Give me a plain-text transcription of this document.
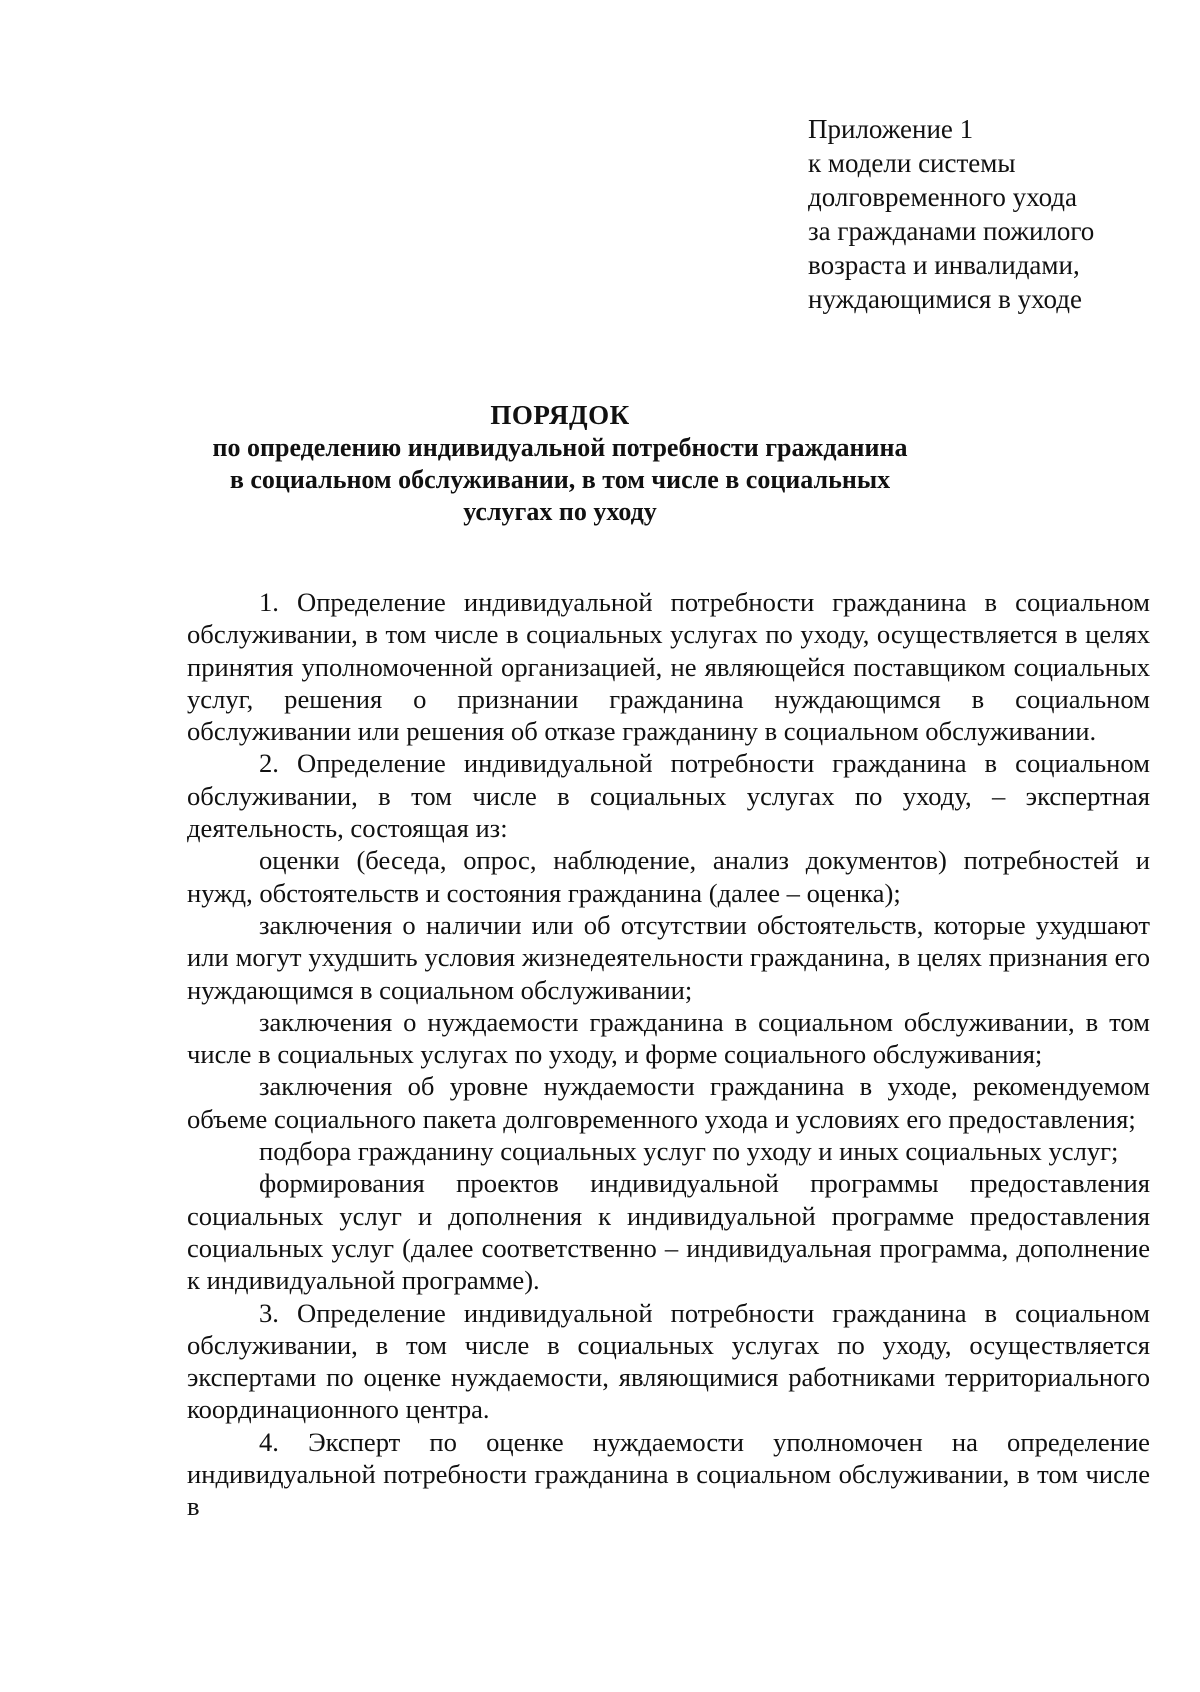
Приложение 1
к модели системы
долговременного ухода
за гражданами пожилого
возраста и инвалидами,
нуждающимися в уходе
ПОРЯДОК
по определению индивидуальной потребности гражданина
в социальном обслуживании, в том числе в социальных
услугах по уходу

1. Определение индивидуальной потребности гражданина в социальном обслуживании, в том числе в социальных услугах по уходу, осуществляется в целях принятия уполномоченной организацией, не являющейся поставщиком социальных услуг, решения о признании гражданина нуждающимся в социальном обслуживании или решения об отказе гражданину в социальном обслуживании.

2. Определение индивидуальной потребности гражданина в социальном обслуживании, в том числе в социальных услугах по уходу, – экспертная деятельность, состоящая из:

оценки (беседа, опрос, наблюдение, анализ документов) потребностей и нужд, обстоятельств и состояния гражданина (далее – оценка);

заключения о наличии или об отсутствии обстоятельств, которые ухудшают или могут ухудшить условия жизнедеятельности гражданина, в целях признания его нуждающимся в социальном обслуживании;

заключения о нуждаемости гражданина в социальном обслуживании, в том числе в социальных услугах по уходу, и форме социального обслуживания;

заключения об уровне нуждаемости гражданина в уходе, рекомендуемом объеме социального пакета долговременного ухода и условиях его предоставления;

подбора гражданину социальных услуг по уходу и иных социальных услуг;

формирования проектов индивидуальной программы предоставления социальных услуг и дополнения к индивидуальной программе предоставления социальных услуг (далее соответственно – индивидуальная программа, дополнение к индивидуальной программе).

3. Определение индивидуальной потребности гражданина в социальном обслуживании, в том числе в социальных услугах по уходу, осуществляется экспертами по оценке нуждаемости, являющимися работниками территориального координационного центра.

4. Эксперт по оценке нуждаемости уполномочен на определение индивидуальной потребности гражданина в социальном обслуживании, в том числе в
